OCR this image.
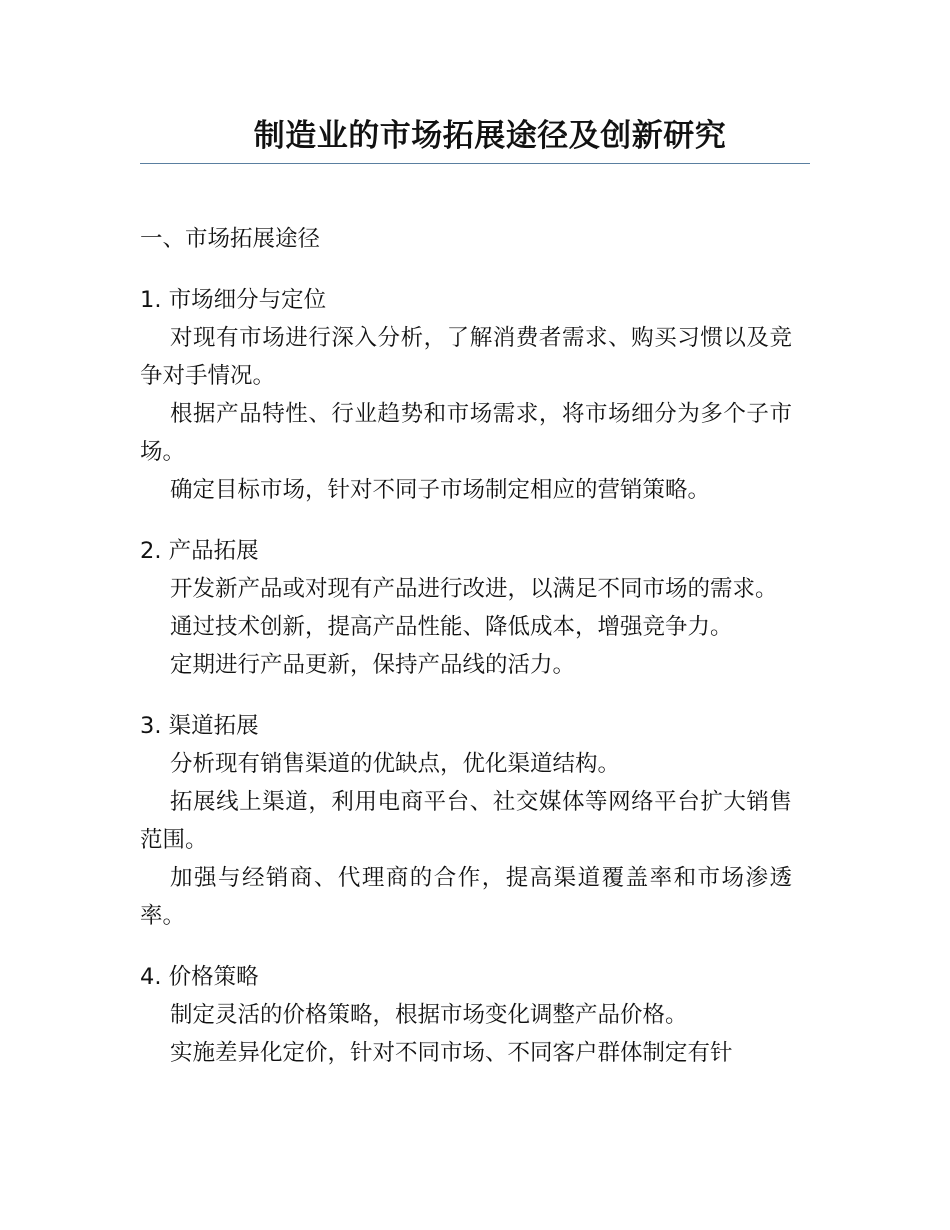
制造业的市场拓展途径及创新研究
一、市场拓展途径
1. 市场细分与定位

对现有市场进行深入分析，了解消费者需求、购买习惯以及竞争对手情况。

根据产品特性、行业趋势和市场需求，将市场细分为多个子市场。

确定目标市场，针对不同子市场制定相应的营销策略。

2. 产品拓展

开发新产品或对现有产品进行改进，以满足不同市场的需求。

通过技术创新，提高产品性能、降低成本，增强竞争力。

定期进行产品更新，保持产品线的活力。

3. 渠道拓展

分析现有销售渠道的优缺点，优化渠道结构。

拓展线上渠道，利用电商平台、社交媒体等网络平台扩大销售范围。

加强与经销商、代理商的合作，提高渠道覆盖率和市场渗透率。

4. 价格策略

制定灵活的价格策略，根据市场变化调整产品价格。

实施差异化定价，针对不同市场、不同客户群体制定有针
